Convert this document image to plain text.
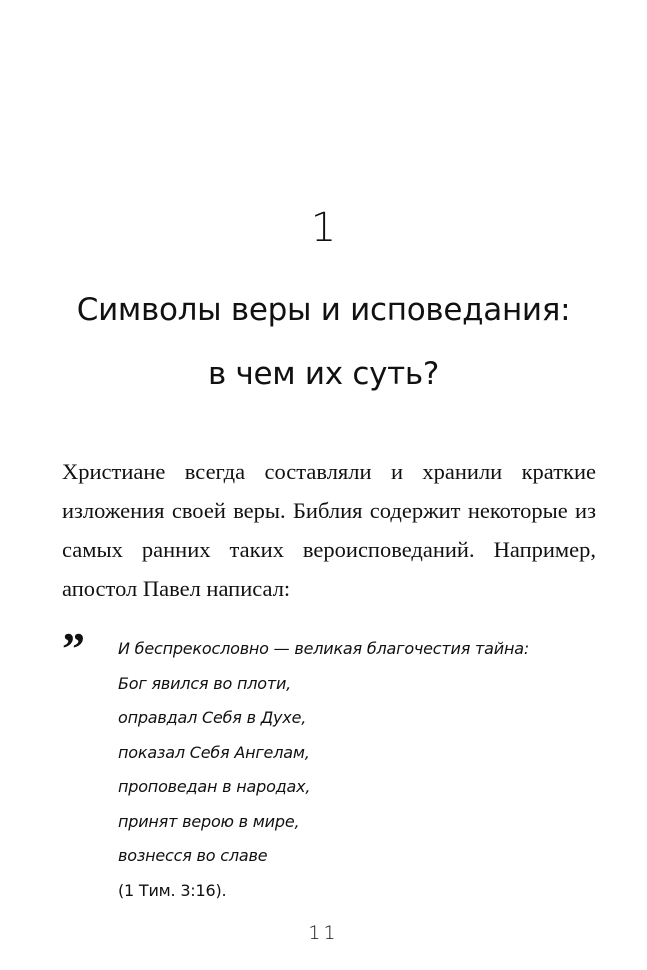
1
Символы веры и исповедания:
в чем их суть?

Христиане всегда составляли и хранили краткие изложения своей веры. Библия содержит некоторые из самых ранних таких вероисповеданий. Например, апостол Павел написал:

” И беспрекословно — великая благочестия тайна:
Бог явился во плоти,
оправдал Себя в Духе,
показал Себя Ангелам,
проповедан в народах,
принят верою в мире,
вознесся во славе
(1 Тим. 3:16).
11
